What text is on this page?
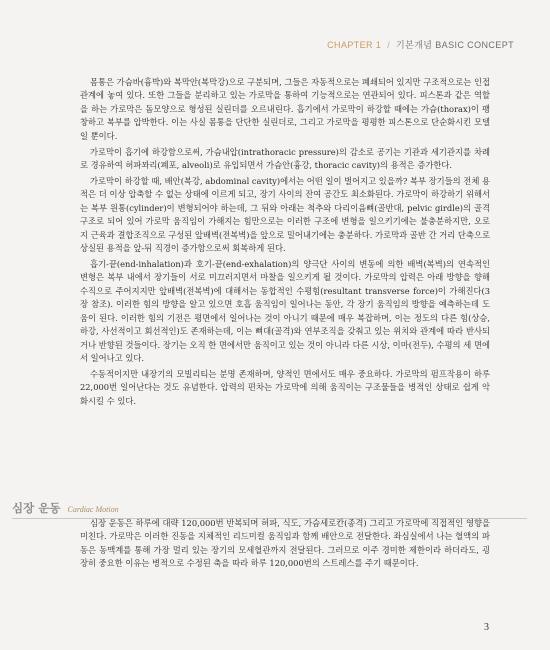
CHAPTER 1 / 기본개념 BASIC CONCEPT

몸통은 가슴바(흉박)와 복막안(복막강)으로 구분되며, 그들은 자동적으로는 폐쇄되어 있지만 구조적으로는 인접 관계에 놓여 있다. 또한 그들을 분리하고 있는 가로막을 통하여 기능적으로는 연관되어 있다. 피스톤과 같은 역할을 하는 가로막은 돔모양으로 형성된 실린더를 오르내린다. 흡기에서 가로막이 하강할 때에는 가슴(thorax)이 팽창하고 복부를 압박한다. 이는 사실 몸통을 단단한 실린더로, 그리고 가로막을 평평한 피스톤으로 단순화시킨 모델일 뿐이다.

가로막이 흡기에 하강함으로써, 가슴내압(intrathoracic pressure)의 감소로 공기는 기관과 세기관지를 차례로 경유하여 허파꽈리(폐포, alveoli)로 유입되면서 가슴안(흉강, thoracic cavity)의 용적은 증가한다.

가로막이 하강할 때, 배안(복강, abdominal cavity)에서는 어떤 일이 벌어지고 있을까? 복부 장기들의 전체 용적은 더 이상 압축할 수 없는 상태에 이르게 되고, 장기 사이의 잔여 공간도 최소화된다. 가로막이 하강하기 위해서는 복부 원통(cylinder)이 변형되어야 하는데, 그 뒤와 아래는 척추와 다리이음뼈(골반대, pelvic girdle)의 골격 구조로 되어 있어 가로막 움직임이 가해지는 힘만으로는 이러한 구조에 변형을 일으키기에는 불충분하지만, 오로지 근육과 결합조직으로 구성된 앞배벽(전복벽)을 앞으로 밀어내기에는 충분하다. 가로막과 골반 간 거리 단축으로 상실된 용적을 앞-뒤 직경이 증가함으로써 회복하게 된다.

흡기-끝(end-inhalation)과 호기-끝(end-exhalation)의 양극단 사이의 변동에 의한 배벽(복벽)의 연속적인 변형은 복부 내에서 장기들이 서로 미끄러지면서 마찰을 일으키게 될 것이다. 가로막의 압력은 아래 방향을 향해 수직으로 주어지지만 앞배벽(전복벽)에 대해서는 동합적인 수평힘(resultant transverse force)이 가해진다(3장 참조). 이러한 힘의 방향을 알고 있으면 호흡 움직임이 일어나는 동안, 각 장기 움직임의 방향을 예측하는데 도움이 된다. 이러한 힘의 기전은 평면에서 일어나는 것이 아니기 때문에 매우 복잡하며, 이는 정도의 다른 힘(상승, 하강, 사선적이고 회선적인)도 존재하는데, 이는 뼈대(골격)와 연부조직을 갖춰고 있는 위치와 관계에 따라 반사되거나 반향된 것들이다. 장기는 오직 한 면에서만 움직이고 있는 것이 아니라 다른 시상, 이마(전두), 수평의 세 면에서 일어나고 있다.

수동적이지만 내장기의 모빌리티는 분명 존재하며, 양적인 면에서도 매우 중요하다. 가로막의 펌프작용이 하루 22,000번 일어난다는 것도 유념한다. 압력의 편차는 가로막에 의해 움직이는 구조물들을 병적인 상태로 쉽게 악화시킬 수 있다.

심장 운동 Cardiac Motion

심장 운동은 하루에 대략 120,000번 반복되며 허파, 식도, 가슴세로칸(종격) 그리고 가로막에 직접적인 영향을 미친다. 가로막은 이러한 진동을 지체적인 리드미컬 움직임과 함께 배안으로 전달한다. 좌심실에서 나는 혈액의 파동은 동맥계를 통해 가장 멀리 있는 장기의 모세혈관까지 전달된다. 그러므로 이주 경미한 제한이라 하더라도, 굉장히 중요한 이유는 병적으로 수정된 축을 따라 하루 120,000번의 스트레스를 주기 때문이다.

3
